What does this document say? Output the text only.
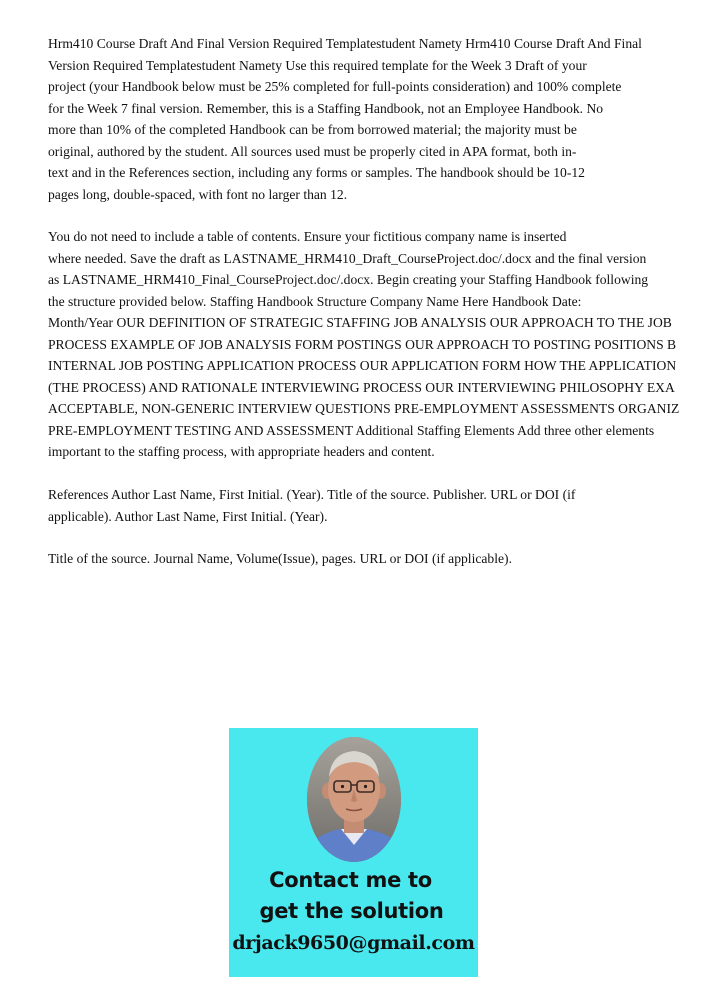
Hrm410 Course Draft And Final Version Required Templatestudent Namety Hrm410 Course Draft And Final
Version Required Templatestudent Namety Use this required template for the Week 3 Draft of your
project (your Handbook below must be 25% completed for full-points consideration) and 100% complete
for the Week 7 final version. Remember, this is a Staffing Handbook, not an Employee Handbook. No
more than 10% of the completed Handbook can be from borrowed material; the majority must be
original, authored by the student. All sources used must be properly cited in APA format, both in-
text and in the References section, including any forms or samples. The handbook should be 10-12
pages long, double-spaced, with font no larger than 12.
You do not need to include a table of contents. Ensure your fictitious company name is inserted
where needed. Save the draft as LASTNAME_HRM410_Draft_CourseProject.doc/.docx and the final version
as LASTNAME_HRM410_Final_CourseProject.doc/.docx. Begin creating your Staffing Handbook following
the structure provided below. Staffing Handbook Structure Company Name Here Handbook Date:
Month/Year OUR DEFINITION OF STRATEGIC STAFFING JOB ANALYSIS OUR APPROACH TO THE JOB
PROCESS EXAMPLE OF JOB ANALYSIS FORM POSTINGS OUR APPROACH TO POSTING POSITIONS B
INTERNAL JOB POSTING APPLICATION PROCESS OUR APPLICATION FORM HOW THE APPLICATION
(THE PROCESS) AND RATIONALE INTERVIEWING PROCESS OUR INTERVIEWING PHILOSOPHY EXA
ACCEPTABLE, NON-GENERIC INTERVIEW QUESTIONS PRE-EMPLOYMENT ASSESSMENTS ORGANIZ
PRE-EMPLOYMENT TESTING AND ASSESSMENT Additional Staffing Elements Add three other elements
important to the staffing process, with appropriate headers and content.
References Author Last Name, First Initial. (Year). Title of the source. Publisher. URL or DOI (if
applicable). Author Last Name, First Initial. (Year).
Title of the source. Journal Name, Volume(Issue), pages. URL or DOI (if applicable).
Contact me to
get the solution
drjack9650@gmail.com
